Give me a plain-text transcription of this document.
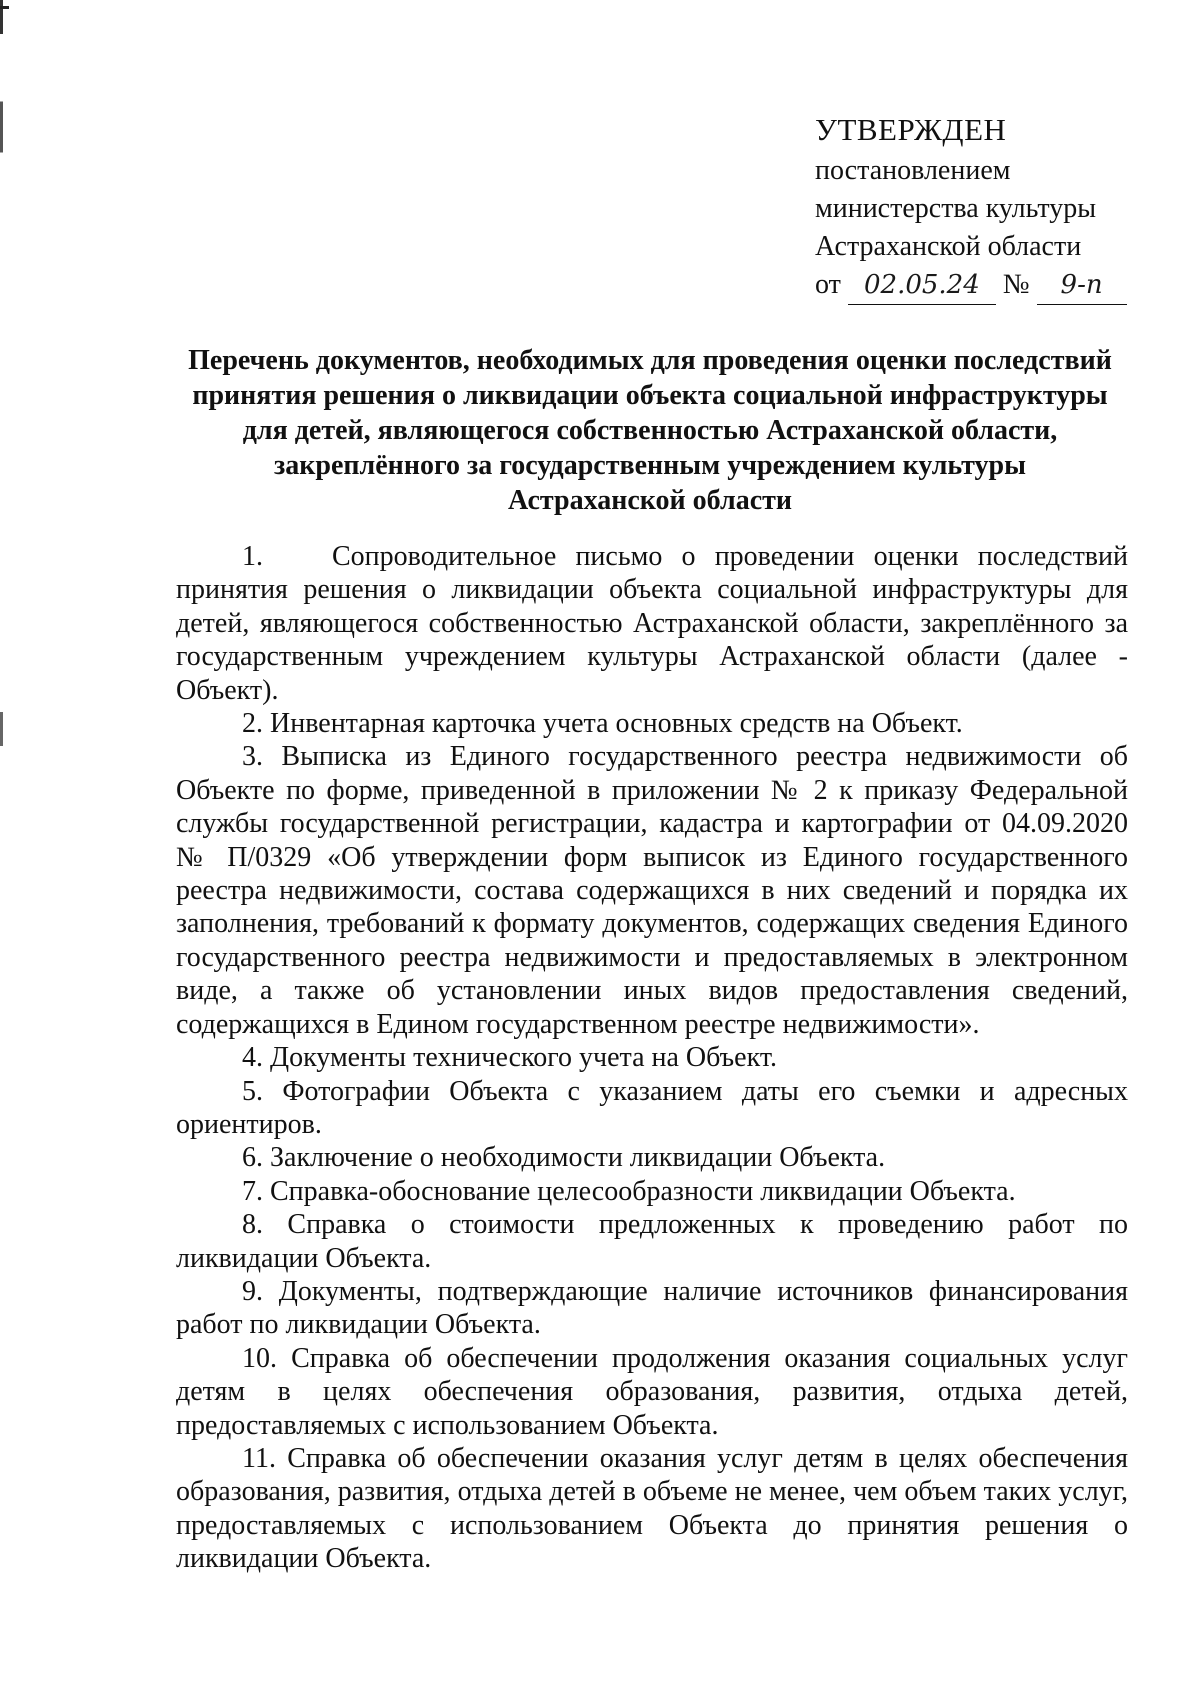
УТВЕРЖДЕН
постановлением
министерства культуры
Астраханской области
от 02.05.24 № 9-п
Перечень документов, необходимых для проведения оценки последствий
принятия решения о ликвидации объекта социальной инфраструктуры
для детей, являющегося собственностью Астраханской области,
закреплённого за государственным учреждением культуры
Астраханской области

1. Сопроводительное письмо о проведении оценки последствий принятия решения о ликвидации объекта социальной инфраструктуры для детей, являющегося собственностью Астраханской области, закреплённого за государственным учреждением культуры Астраханской области (далее - Объект).

2. Инвентарная карточка учета основных средств на Объект.

3. Выписка из Единого государственного реестра недвижимости об Объекте по форме, приведенной в приложении № 2 к приказу Федеральной службы государственной регистрации, кадастра и картографии от 04.09.2020 № П/0329 «Об утверждении форм выписок из Единого государственного реестра недвижимости, состава содержащихся в них сведений и порядка их заполнения, требований к формату документов, содержащих сведения Единого государственного реестра недвижимости и предоставляемых в электронном виде, а также об установлении иных видов предоставления сведений, содержащихся в Едином государственном реестре недвижимости».

4. Документы технического учета на Объект.

5. Фотографии Объекта с указанием даты его съемки и адресных ориентиров.

6. Заключение о необходимости ликвидации Объекта.

7. Справка-обоснование целесообразности ликвидации Объекта.

8. Справка о стоимости предложенных к проведению работ по ликвидации Объекта.

9. Документы, подтверждающие наличие источников финансирования работ по ликвидации Объекта.

10. Справка об обеспечении продолжения оказания социальных услуг детям в целях обеспечения образования, развития, отдыха детей, предоставляемых с использованием Объекта.

11. Справка об обеспечении оказания услуг детям в целях обеспечения образования, развития, отдыха детей в объеме не менее, чем объем таких услуг, предоставляемых с использованием Объекта до принятия решения о ликвидации Объекта.
